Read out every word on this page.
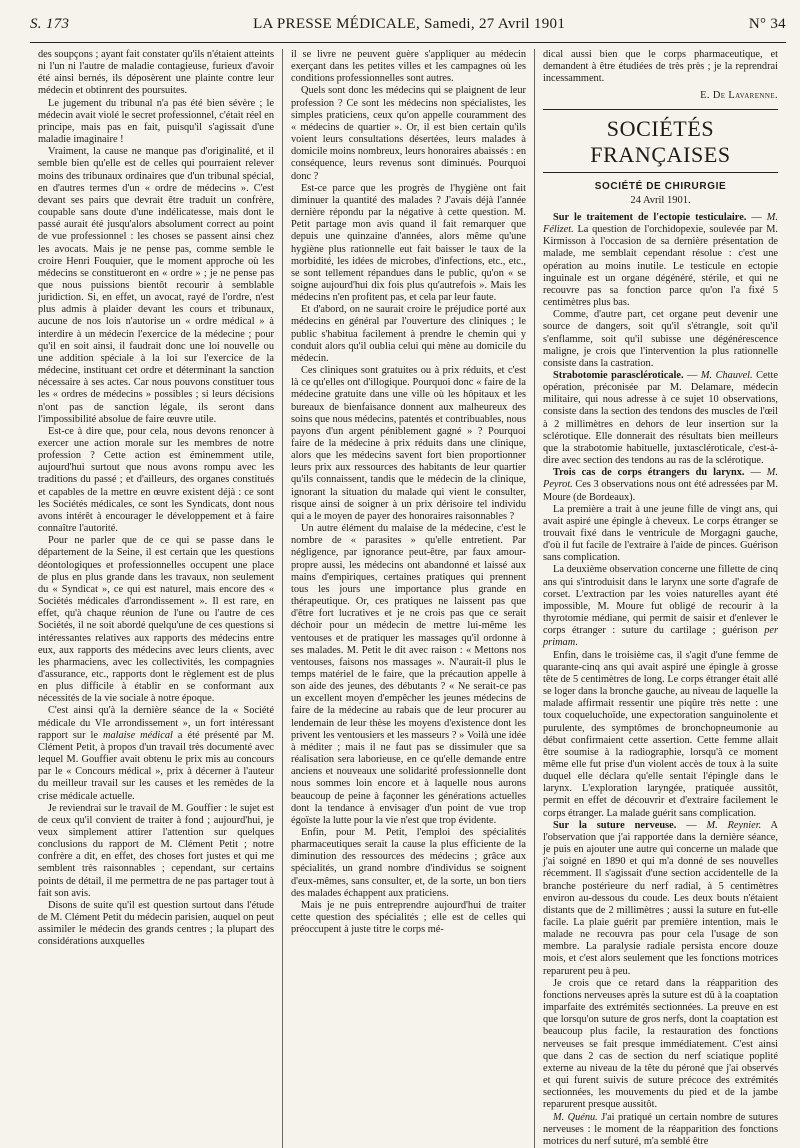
S. 173	LA PRESSE MÉDICALE, Samedi, 27 Avril 1901	N° 34

des soupçons ; ayant fait constater qu'ils n'étaient atteints ni l'un ni l'autre de maladie contagieuse, furieux d'avoir été ainsi bernés, ils déposèrent une plainte contre leur médecin et obtinrent des poursuites.

Le jugement du tribunal n'a pas été bien sévère ; le médecin avait violé le secret professionnel, c'était réel en principe, mais pas en fait, puisqu'il s'agissait d'une maladie imaginaire !

Vraiment, la cause ne manque pas d'originalité, et il semble bien qu'elle est de celles qui pourraient relever moins des tribunaux ordinaires que d'un tribunal spécial, en d'autres termes d'un « ordre de médecins ». C'est devant ses pairs que devrait être traduit un confrère, coupable sans doute d'une indélicatesse, mais dont le passé aurait été jusqu'alors absolument correct au point de vue professionnel : les choses se passent ainsi chez les avocats. Mais je ne pense pas, comme semble le croire Henri Fouquier, que le moment approche où les médecins se constitueront en « ordre » ; je ne pense pas que nous puissions bientôt recourir à semblable juridiction. Si, en effet, un avocat, rayé de l'ordre, n'est plus admis à plaider devant les cours et tribunaux, aucune de nos lois n'autorise un « ordre médical » à interdire à un médecin l'exercice de la médecine ; pour qu'il en soit ainsi, il faudrait donc une loi nouvelle ou une addition spéciale à la loi sur l'exercice de la médecine, instituant cet ordre et déterminant la sanction nécessaire à ses actes. Car nous pouvons constituer tous les « ordres de médecins » possibles ; si leurs décisions n'ont pas de sanction légale, ils seront dans l'impossibilité absolue de faire œuvre utile.

Est-ce à dire que, pour cela, nous devons renoncer à exercer une action morale sur les membres de notre profession ? Cette action est éminemment utile, aujourd'hui surtout que nous avons rompu avec les traditions du passé ; et d'ailleurs, des organes constitués et capables de la mettre en œuvre existent déjà : ce sont les Sociétés médicales, ce sont les Syndicats, dont nous avons intérêt à encourager le développement et à faire connaître l'autorité.

Pour ne parler que de ce qui se passe dans le département de la Seine, il est certain que les questions déontologiques et professionnelles occupent une place de plus en plus grande dans les travaux, non seulement du « Syndicat », ce qui est naturel, mais encore des « Sociétés médicales d'arrondissement ». Il est rare, en effet, qu'à chaque réunion de l'une ou l'autre de ces Sociétés, il ne soit abordé quelqu'une de ces questions si intéressantes relatives aux rapports des médecins entre eux, aux rapports des médecins avec leurs clients, avec les pharmaciens, avec les collectivités, les compagnies d'assurance, etc., rapports dont le règlement est de plus en plus difficile à établir en se conformant aux nécessités de la vie sociale à notre époque.

C'est ainsi qu'à la dernière séance de la « Société médicale du VIe arrondissement », un fort intéressant rapport sur le malaise médical a été présenté par M. Clément Petit, à propos d'un travail très documenté avec lequel M. Gouffier avait obtenu le prix mis au concours par le « Concours médical », prix à décerner à l'auteur du meilleur travail sur les causes et les remèdes de la crise médicale actuelle.

Je reviendrai sur le travail de M. Gouffier : le sujet est de ceux qu'il convient de traiter à fond ; aujourd'hui, je veux simplement attirer l'attention sur quelques conclusions du rapport de M. Clément Petit ; notre confrère a dit, en effet, des choses fort justes et qui me semblent très raisonnables ; cependant, sur certains points de détail, il me permettra de ne pas partager tout à fait son avis.

Disons de suite qu'il est question surtout dans l'étude de M. Clément Petit du médecin parisien, auquel on peut assimiler le médecin des grands centres ; la plupart des considérations auxquelles

il se livre ne peuvent guère s'appliquer au médecin exerçant dans les petites villes et les campagnes où les conditions professionnelles sont autres.

Quels sont donc les médecins qui se plaignent de leur profession ? Ce sont les médecins non spécialistes, les simples praticiens, ceux qu'on appelle couramment des « médecins de quartier ». Or, il est bien certain qu'ils voient leurs consultations désertées, leurs malades à domicile moins nombreux, leurs honoraires abaissés : en conséquence, leurs revenus sont diminués. Pourquoi donc ?

Est-ce parce que les progrès de l'hygiène ont fait diminuer la quantité des malades ? J'avais déjà l'année dernière répondu par la négative à cette question. M. Petit partage mon avis quand il fait remarquer que depuis une quinzaine d'années, alors même qu'une hygiène plus rationnelle eut fait baisser le taux de la morbidité, les idées de microbes, d'infections, etc., etc., se sont tellement répandues dans le public, qu'on « se soigne aujourd'hui dix fois plus qu'autrefois ». Mais les médecins n'en profitent pas, et cela par leur faute.

Et d'abord, on ne saurait croire le préjudice porté aux médecins en général par l'ouverture des cliniques ; le public s'habitua facilement à prendre le chemin qui y conduit alors qu'il oublia celui qui mène au domicile du médecin.

Ces cliniques sont gratuites ou à prix réduits, et c'est là ce qu'elles ont d'illogique. Pourquoi donc « faire de la médecine gratuite dans une ville où les hôpitaux et les bureaux de bienfaisance donnent aux malheureux des soins que nous médecins, patentés et contribuables, nous payons d'un argent péniblement gagné » ? Pourquoi faire de la médecine à prix réduits dans une clinique, alors que les médecins savent fort bien proportionner leurs prix aux ressources des habitants de leur quartier qu'ils connaissent, tandis que le médecin de la clinique, ignorant la situation du malade qui vient le consulter, risque ainsi de soigner à un prix dérisoire tel individu qui a le moyen de payer des honoraires raisonnables ?

Un autre élément du malaise de la médecine, c'est le nombre de « parasites » qu'elle entretient. Par négligence, par ignorance peut-être, par faux amour-propre aussi, les médecins ont abandonné et laissé aux mains d'empiriques, certaines pratiques qui prennent tous les jours une importance plus grande en thérapeutique. Or, ces pratiques ne laissent pas que d'être fort lucratives et je ne crois pas que ce serait déchoir pour un médecin de mettre lui-même les ventouses et de pratiquer les massages qu'il ordonne à ses malades. M. Petit le dit avec raison : « Mettons nos ventouses, faisons nos massages ». N'aurait-il plus le temps matériel de le faire, que la précaution appelle à son aide des jeunes, des débutants ? « Ne serait-ce pas un excellent moyen d'empêcher les jeunes médecins de faire de la médecine au rabais que de leur procurer au lendemain de leur thèse les moyens d'existence dont les privent les ventousiers et les masseurs ? » Voilà une idée à méditer ; mais il ne faut pas se dissimuler que sa réalisation sera laborieuse, en ce qu'elle demande entre anciens et nouveaux une solidarité professionnelle dont nous sommes loin encore et à laquelle nous aurons beaucoup de peine à façonner les générations actuelles dont la tendance à envisager d'un point de vue trop égoïste la lutte pour la vie n'est que trop évidente.

Enfin, pour M. Petit, l'emploi des spécialités pharmaceutiques serait la cause la plus efficiente de la diminution des ressources des médecins ; grâce aux spécialités, un grand nombre d'individus se soignent d'eux-mêmes, sans consulter, et, de la sorte, un bon tiers des malades échappent aux praticiens.

Mais je ne puis entreprendre aujourd'hui de traiter cette question des spécialités ; elle est de celles qui préoccupent à juste titre le corps mé-

dical aussi bien que le corps pharmaceutique, et demandent à être étudiées de très près ; je la reprendrai incessamment.

E. De Lavarenne.
SOCIÉTÉS FRANÇAISES
SOCIÉTÉ DE CHIRURGIE
24 Avril 1901.

Sur le traitement de l'ectopie testiculaire. — M. Félizet. La question de l'orchidopexie, soulevée par M. Kirmisson à l'occasion de sa dernière présentation de malade, me semblait cependant résolue : c'est une opération au moins inutile. Le testicule en ectopie inguinale est un organe dégénéré, stérile, et qui ne recouvre pas sa fonction parce qu'on l'a fixé 5 centimètres plus bas.

Comme, d'autre part, cet organe peut devenir une source de dangers, soit qu'il s'étrangle, soit qu'il s'enflamme, soit qu'il subisse une dégénérescence maligne, je crois que l'intervention la plus rationnelle consiste dans la castration.

Strabotomie parascléroticale. — M. Chauvel. Cette opération, préconisée par M. Delamare, médecin militaire, qui nous adresse à ce sujet 10 observations, consiste dans la section des tendons des muscles de l'œil à 2 millimètres en dehors de leur insertion sur la sclérotique. Elle donnerait des résultats bien meilleurs que la strabotomie habituelle, juxtascléroticale, c'est-à-dire avec section des tendons au ras de la sclérotique.

Trois cas de corps étrangers du larynx. — M. Peyrot. Ces 3 observations nous ont été adressées par M. Moure (de Bordeaux).

La première a trait à une jeune fille de vingt ans, qui avait aspiré une épingle à cheveux. Le corps étranger se trouvait fixé dans le ventricule de Morgagni gauche, d'où il fut facile de l'extraire à l'aide de pinces. Guérison sans complication.

La deuxième observation concerne une fillette de cinq ans qui s'introduisit dans le larynx une sorte d'agrafe de corset. L'extraction par les voies naturelles ayant été impossible, M. Moure fut obligé de recourir à la thyrotomie médiane, qui permit de saisir et d'enlever le corps étranger : suture du cartilage ; guérison per primam.

Enfin, dans le troisième cas, il s'agit d'une femme de quarante-cinq ans qui avait aspiré une épingle à grosse tête de 5 centimètres de long. Le corps étranger était allé se loger dans la bronche gauche, au niveau de laquelle la malade affirmait ressentir une piqûre très nette : une toux coqueluchoïde, une expectoration sanguinolente et purulente, des symptômes de bronchopneumonie au début confirmaient cette assertion. Cette femme allait être soumise à la radiographie, lorsqu'à ce moment même elle fut prise d'un violent accès de toux à la suite duquel elle déclara qu'elle sentait l'épingle dans le larynx. L'exploration laryngée, pratiquée aussitôt, permit en effet de découvrir et d'extraire facilement le corps étranger. La malade guérit sans complication.

Sur la suture nerveuse. — M. Reynier. A l'observation que j'ai rapportée dans la dernière séance, je puis en ajouter une autre qui concerne un malade que j'ai soigné en 1890 et qui m'a donné de ses nouvelles récemment. Il s'agissait d'une section accidentelle de la branche postérieure du nerf radial, à 5 centimètres environ au-dessous du coude. Les deux bouts n'étaient distants que de 2 millimètres ; aussi la suture en fut-elle facile. La plaie guérit par première intention, mais le malade ne recouvra pas pour cela l'usage de son membre. La paralysie radiale persista encore douze mois, et c'est alors seulement que les fonctions motrices reparurent peu à peu.

Je crois que ce retard dans la réapparition des fonctions nerveuses après la suture est dû à la coaptation imparfaite des extrémités sectionnées. La preuve en est que lorsqu'on suture de gros nerfs, dont la coaptation est beaucoup plus facile, la restauration des fonctions nerveuses se fait presque immédiatement. C'est ainsi que dans 2 cas de section du nerf sciatique poplité externe au niveau de la tête du péroné que j'ai observés et qui furent suivis de suture précoce des extrémités sectionnées, les mouvements du pied et de la jambe reparurent presque aussitôt.

M. Quénu. J'ai pratiqué un certain nombre de sutures nerveuses : le moment de la réapparition des fonctions motrices du nerf suturé, m'a semblé être
